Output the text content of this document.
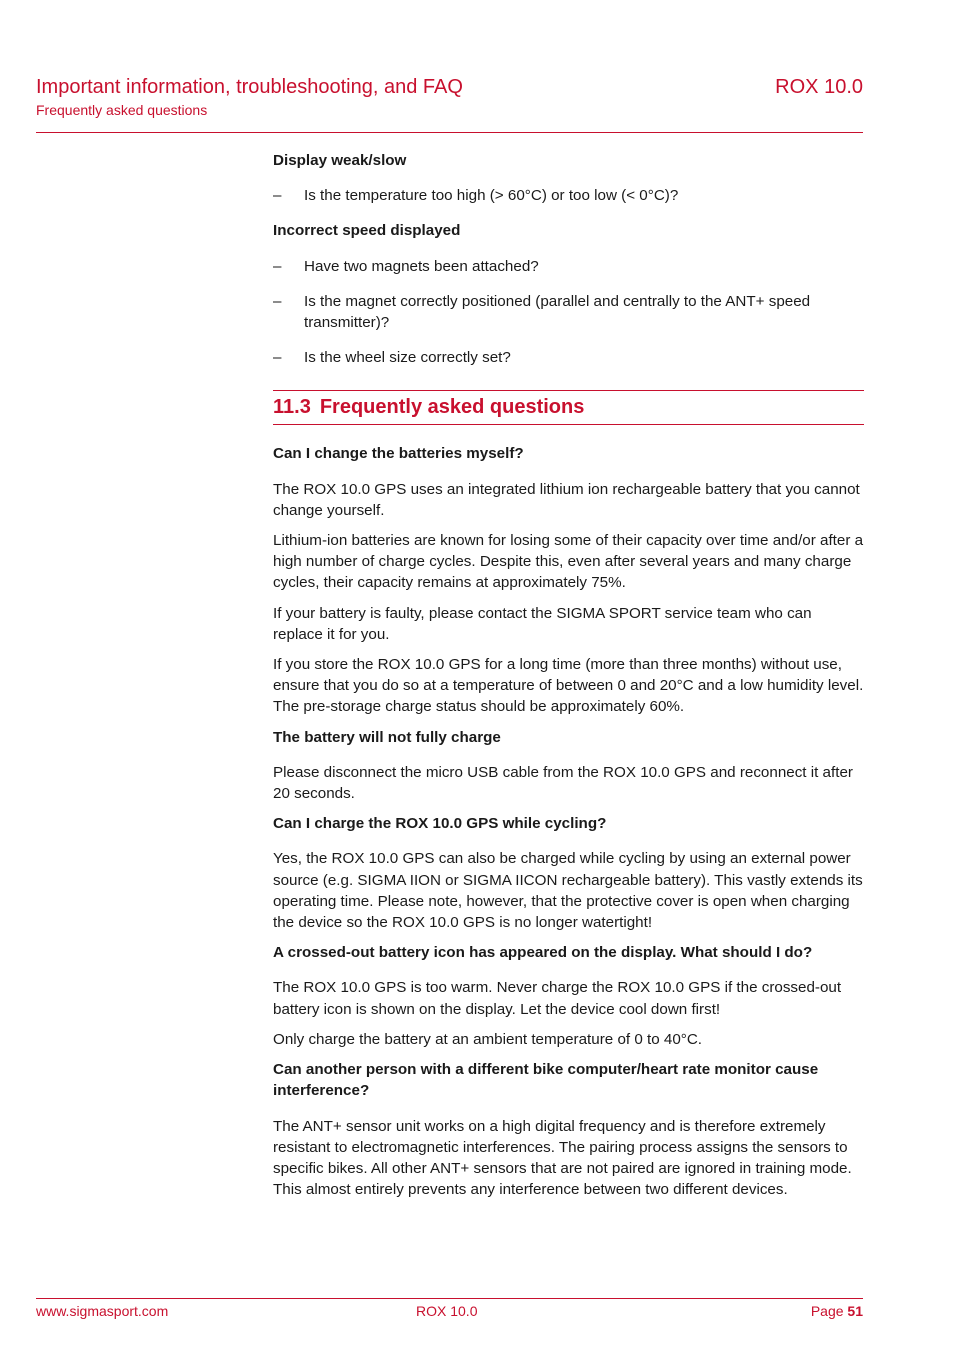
Important information, troubleshooting, and FAQ
Frequently asked questions
ROX 10.0
Display weak/slow
– Is the temperature too high (> 60°C) or too low (< 0°C)?
Incorrect speed displayed
– Have two magnets been attached?
– Is the magnet correctly positioned (parallel and centrally to the ANT+ speed transmitter)?
– Is the wheel size correctly set?
11.3 Frequently asked questions
Can I change the batteries myself?
The ROX 10.0 GPS uses an integrated lithium ion rechargeable battery that you cannot change yourself.
Lithium-ion batteries are known for losing some of their capacity over time and/or after a high number of charge cycles. Despite this, even after several years and many charge cycles, their capacity remains at approximately 75%.
If your battery is faulty, please contact the SIGMA SPORT service team who can replace it for you.
If you store the ROX 10.0 GPS for a long time (more than three months) without use, ensure that you do so at a temperature of between 0 and 20°C and a low humidity level. The pre-storage charge status should be approximately 60%.
The battery will not fully charge
Please disconnect the micro USB cable from the ROX 10.0 GPS and reconnect it after 20 seconds.
Can I charge the ROX 10.0 GPS while cycling?
Yes, the ROX 10.0 GPS can also be charged while cycling by using an external power source (e.g. SIGMA IION or SIGMA IICON rechargeable battery). This vastly extends its operating time. Please note, however, that the protective cover is open when charging the device so the ROX 10.0 GPS is no longer watertight!
A crossed-out battery icon has appeared on the display. What should I do?
The ROX 10.0 GPS is too warm. Never charge the ROX 10.0 GPS if the crossed-out battery icon is shown on the display. Let the device cool down first!
Only charge the battery at an ambient temperature of 0 to 40°C.
Can another person with a different bike computer/heart rate monitor cause interference?
The ANT+ sensor unit works on a high digital frequency and is therefore extremely resistant to electromagnetic interferences. The pairing process assigns the sensors to specific bikes. All other ANT+ sensors that are not paired are ignored in training mode. This almost entirely prevents any interference between two different devices.
www.sigmasport.com	ROX 10.0	Page 51
